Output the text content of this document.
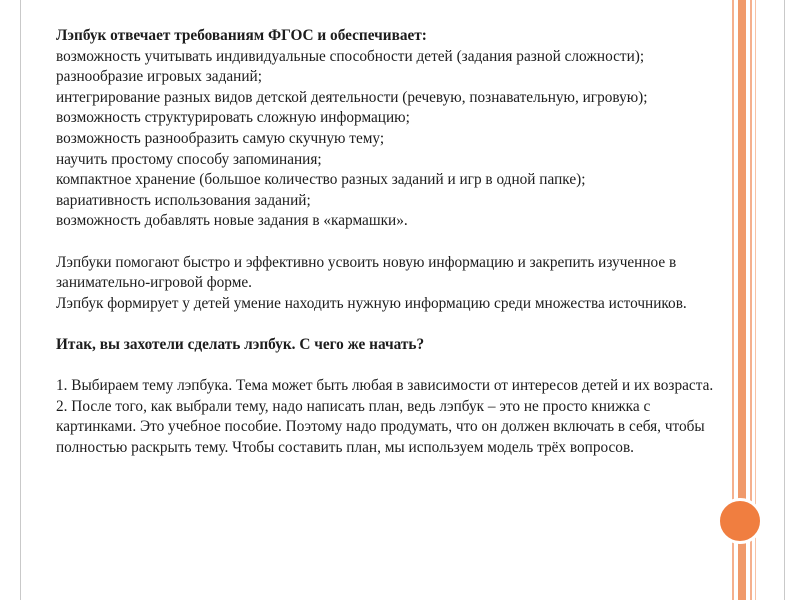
Лэпбук отвечает требованиям ФГОС и обеспечивает:

возможность учитывать индивидуальные способности детей (задания разной сложности);

разнообразие игровых заданий;

интегрирование разных видов детской деятельности (речевую, познавательную, игровую);

возможность структурировать сложную информацию;

возможность разнообразить самую скучную тему;

научить простому способу запоминания;

компактное хранение (большое количество разных заданий и игр в одной папке);

вариативность использования заданий;

возможность добавлять новые задания в «кармашки».

Лэпбуки помогают быстро и эффективно усвоить новую информацию и закрепить изученное в занимательно-игровой форме.

Лэпбук формирует у детей умение находить нужную информацию среди множества источников.

Итак, вы захотели сделать лэпбук. С чего же начать?

1. Выбираем тему лэпбука. Тема может быть любая в зависимости от интересов детей и их возраста.

2. После того, как выбрали тему, надо написать план, ведь лэпбук – это не просто книжка с картинками. Это учебное пособие. Поэтому надо продумать, что он должен включать в себя, чтобы полностью раскрыть тему. Чтобы составить план, мы используем модель трёх вопросов.
